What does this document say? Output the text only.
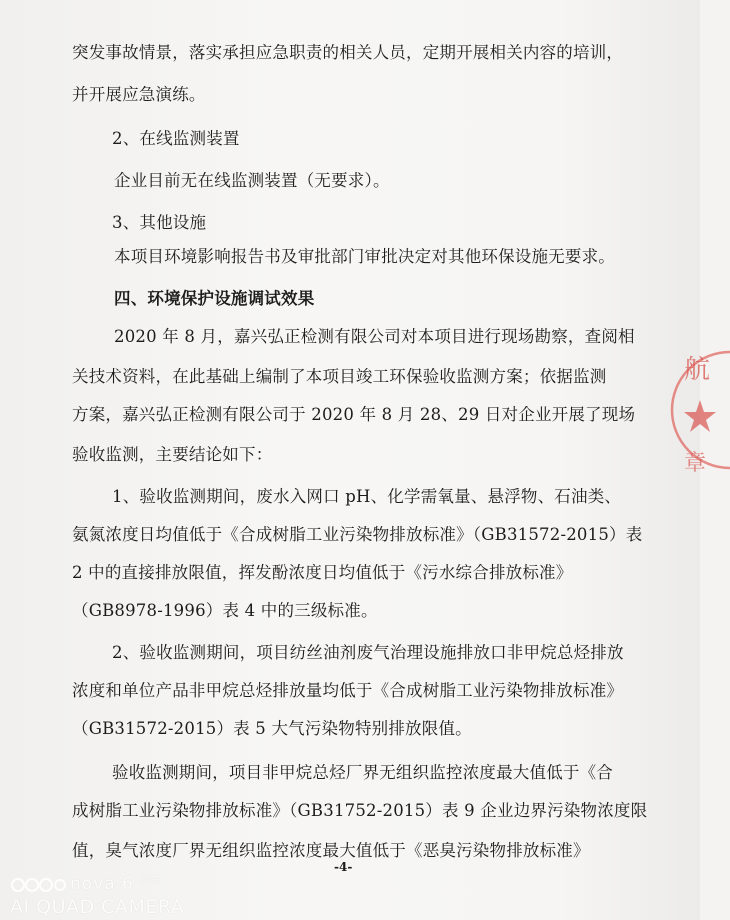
突发事故情景，落实承担应急职责的相关人员，定期开展相关内容的培训，
并开展应急演练。
2、在线监测装置
企业目前无在线监测装置（无要求）。
3、其他设施
本项目环境影响报告书及审批部门审批决定对其他环保设施无要求。
四、环境保护设施调试效果
2020 年 8 月，嘉兴弘正检测有限公司对本项目进行现场勘察，查阅相
关技术资料，在此基础上编制了本项目竣工环保验收监测方案；依据监测
方案，嘉兴弘正检测有限公司于 2020 年 8 月 28、29 日对企业开展了现场
验收监测，主要结论如下：
1、验收监测期间，废水入网口 pH、化学需氧量、悬浮物、石油类、
氨氮浓度日均值低于《合成树脂工业污染物排放标准》（GB31572-2015）表
2 中的直接排放限值，挥发酚浓度日均值低于《污水综合排放标准》
（GB8978-1996）表 4 中的三级标准。
2、验收监测期间，项目纺丝油剂废气治理设施排放口非甲烷总烃排放
浓度和单位产品非甲烷总烃排放量均低于《合成树脂工业污染物排放标准》
（GB31572-2015）表 5 大气污染物特别排放限值。
验收监测期间，项目非甲烷总烃厂界无组织监控浓度最大值低于《合
成树脂工业污染物排放标准》（GB31752-2015）表 9 企业边界污染物浓度限
值，臭气浓度厂界无组织监控浓度最大值低于《恶臭污染物排放标准》
-4-
航
章
nova 6 $^{(5G)}$
AI QUAD CAMERA
